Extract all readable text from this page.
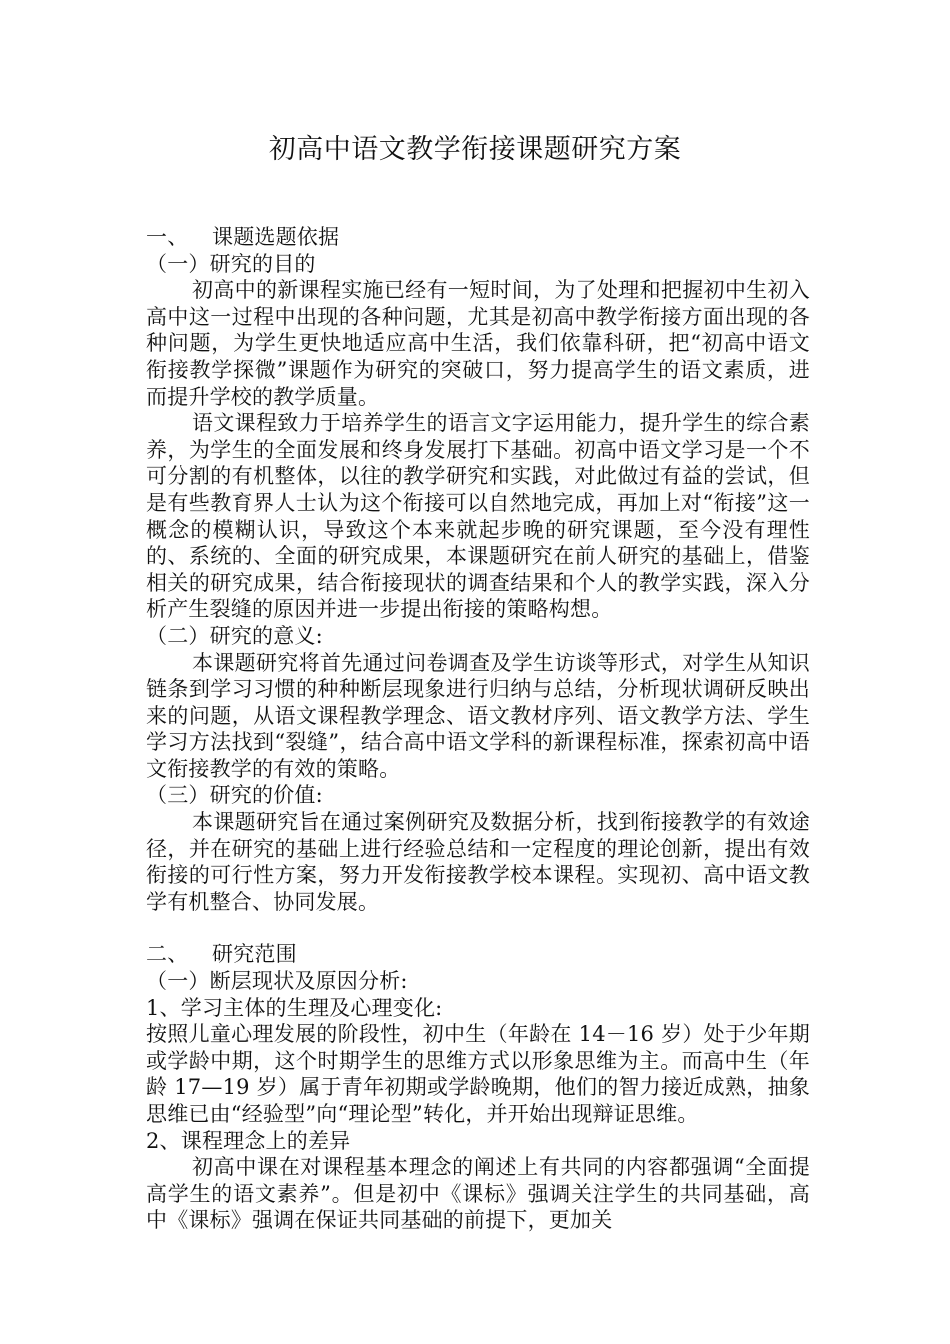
初高中语文教学衔接课题研究方案

一、 课题选题依据

（一）研究的目的

初高中的新课程实施已经有一短时间，为了处理和把握初中生初入高中这一过程中出现的各种问题，尤其是初高中教学衔接方面出现的各种问题，为学生更快地适应高中生活，我们依靠科研，把“初高中语文衔接教学探微”课题作为研究的突破口，努力提高学生的语文素质，进而提升学校的教学质量。

语文课程致力于培养学生的语言文字运用能力，提升学生的综合素养，为学生的全面发展和终身发展打下基础。初高中语文学习是一个不可分割的有机整体，以往的教学研究和实践，对此做过有益的尝试，但是有些教育界人士认为这个衔接可以自然地完成，再加上对“衔接”这一概念的模糊认识，导致这个本来就起步晚的研究课题，至今没有理性的、系统的、全面的研究成果，本课题研究在前人研究的基础上，借鉴相关的研究成果，结合衔接现状的调查结果和个人的教学实践，深入分析产生裂缝的原因并进一步提出衔接的策略构想。

（二）研究的意义:

本课题研究将首先通过问卷调查及学生访谈等形式，对学生从知识链条到学习习惯的种种断层现象进行归纳与总结，分析现状调研反映出来的问题，从语文课程教学理念、语文教材序列、语文教学方法、学生学习方法找到“裂缝”，结合高中语文学科的新课程标准，探索初高中语文衔接教学的有效的策略。

（三）研究的价值:

本课题研究旨在通过案例研究及数据分析，找到衔接教学的有效途径，并在研究的基础上进行经验总结和一定程度的理论创新，提出有效衔接的可行性方案，努力开发衔接教学校本课程。实现初、高中语文教学有机整合、协同发展。

二、 研究范围

（一）断层现状及原因分析:

1、学习主体的生理及心理变化:

按照儿童心理发展的阶段性，初中生（年龄在 14－16 岁）处于少年期或学龄中期，这个时期学生的思维方式以形象思维为主。而高中生（年龄 17—19 岁）属于青年初期或学龄晚期，他们的智力接近成熟，抽象思维已由“经验型”向“理论型”转化，并开始出现辩证思维。

2、课程理念上的差异

初高中课在对课程基本理念的阐述上有共同的内容都强调“全面提高学生的语文素养”。但是初中《课标》强调关注学生的共同基础，高中《课标》强调在保证共同基础的前提下，更加关
